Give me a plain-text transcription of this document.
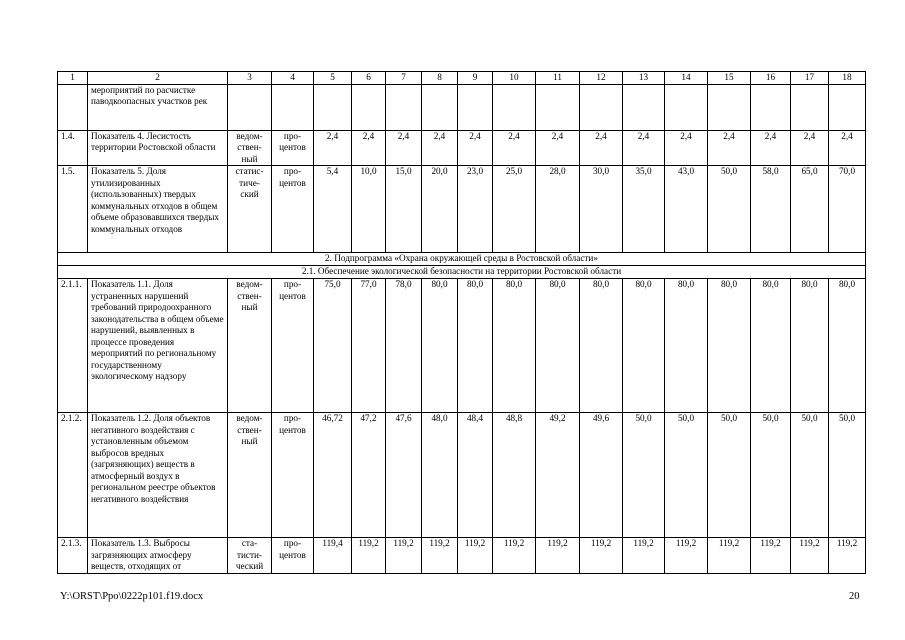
1	2	3	4	5	6	7	8	9	10	11	12	13	14	15	16	17	18
	мероприятий по расчистке паводкоопасных участков рек																
1.4.	Показатель 4. Лесистость территории Ростовской области	ведом-ствен-ный	про-центов	2,4	2,4	2,4	2,4	2,4	2,4	2,4	2,4	2,4	2,4	2,4	2,4	2,4	2,4
1.5.	Показатель 5. Доля утилизированных (использованных) твердых коммунальных отходов в общем объеме образовавшихся твердых коммунальных отходов	статис-тиче-ский	про-центов	5,4	10,0	15,0	20,0	23,0	25,0	28,0	30,0	35,0	43,0	50,0	58,0	65,0	70,0
2. Подпрограмма «Охрана окружающей среды в Ростовской области»																	
2.1. Обеспечение экологической безопасности на территории Ростовской области																	
2.1.1.	Показатель 1.1. Доля устраненных нарушений требований природоохранного законодательства в общем объеме нарушений, выявленных в процессе проведения мероприятий по региональному государственному экологическому надзору	ведом-ствен-ный	про-центов	75,0	77,0	78,0	80,0	80,0	80,0	80,0	80,0	80,0	80,0	80,0	80,0	80,0	80,0
2.1.2.	Показатель 1.2. Доля объектов негативного воздействия с установленным объемом выбросов вредных (загрязняющих) веществ в атмосферный воздух в региональном реестре объектов негативного воздействия	ведом-ствен-ный	про-центов	46,72	47,2	47,6	48,0	48,4	48,8	49,2	49,6	50,0	50,0	50,0	50,0	50,0	50,0
2.1.3.	Показатель 1.3. Выбросы загрязняющих атмосферу веществ, отходящих от	ста-тисти-ческий	про-центов	119,4	119,2	119,2	119,2	119,2	119,2	119,2	119,2	119,2	119,2	119,2	119,2	119,2	119,2
Y:\ORST\Ppo\0222p101.f19.docx	20
